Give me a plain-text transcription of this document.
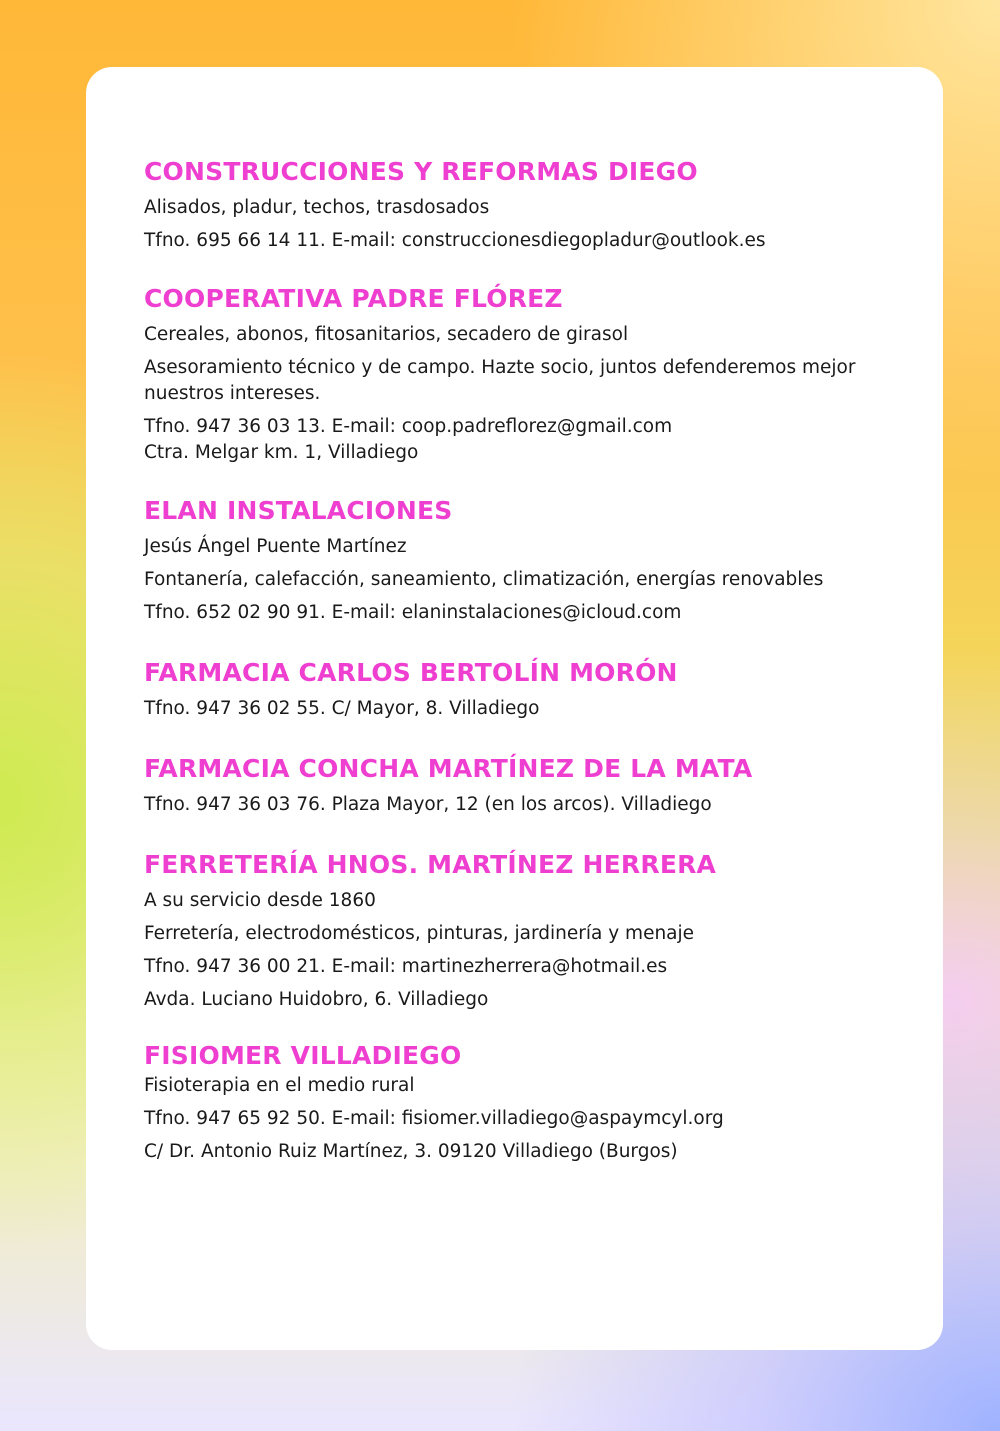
CONSTRUCCIONES Y REFORMAS DIEGO
Alisados, pladur, techos, trasdosados
Tfno. 695 66 14 11. E-mail: construccionesdiegopladur@outlook.es
COOPERATIVA PADRE FLÓREZ
Cereales, abonos, fitosanitarios, secadero de girasol
Asesoramiento técnico y de campo. Hazte socio, juntos defenderemos mejor nuestros intereses.
Tfno. 947 36 03 13. E-mail: coop.padreflorez@gmail.com
Ctra. Melgar km. 1, Villadiego
ELAN INSTALACIONES
Jesús Ángel Puente Martínez
Fontanería, calefacción, saneamiento, climatización, energías renovables
Tfno. 652 02 90 91. E-mail: elaninstalaciones@icloud.com
FARMACIA CARLOS BERTOLÍN MORÓN
Tfno. 947 36 02 55. C/ Mayor, 8. Villadiego
FARMACIA CONCHA MARTÍNEZ DE LA MATA
Tfno. 947 36 03 76. Plaza Mayor, 12 (en los arcos). Villadiego
FERRETERÍA HNOS. MARTÍNEZ HERRERA
A su servicio desde 1860
Ferretería, electrodomésticos, pinturas, jardinería y menaje
Tfno. 947 36 00 21. E-mail: martinezherrera@hotmail.es
Avda. Luciano Huidobro, 6. Villadiego
FISIOMER VILLADIEGO
Fisioterapia en el medio rural
Tfno. 947 65 92 50. E-mail: fisiomer.villadiego@aspaymcyl.org
C/ Dr. Antonio Ruiz Martínez, 3. 09120 Villadiego (Burgos)
